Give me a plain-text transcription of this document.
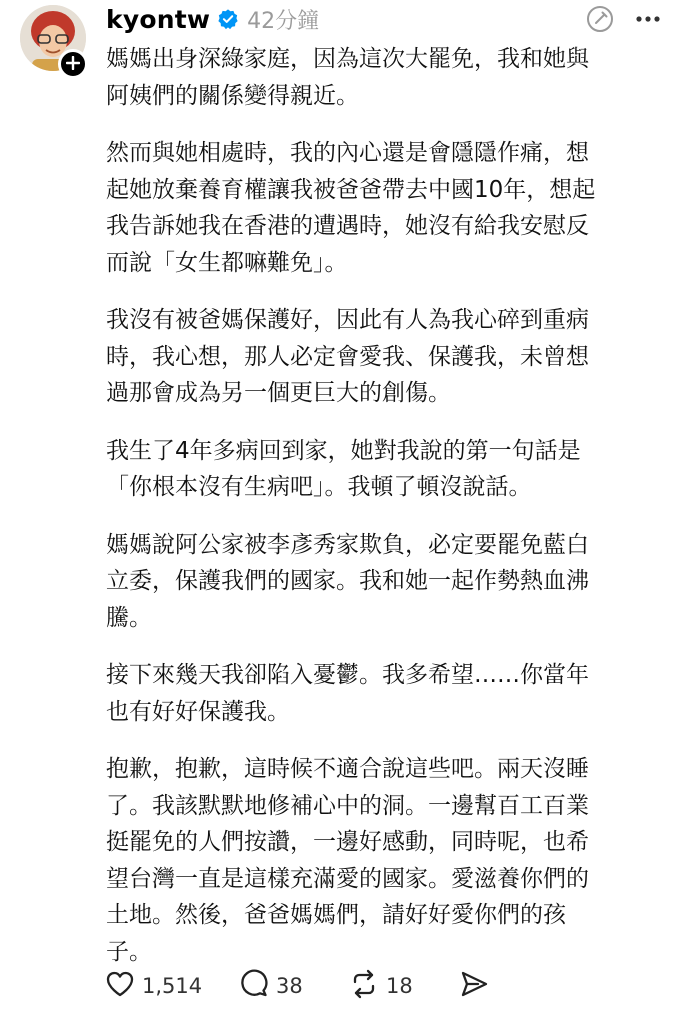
kyontw 42分鐘

媽媽出身深綠家庭，因為這次大罷免，我和她與
阿姨們的關係變得親近。

然而與她相處時，我的內心還是會隱隱作痛，想
起她放棄養育權讓我被爸爸帶去中國10年，想起
我告訴她我在香港的遭遇時，她沒有給我安慰反
而說「女生都嘛難免」。

我沒有被爸媽保護好，因此有人為我心碎到重病
時，我心想，那人必定會愛我、保護我，未曾想
過那會成為另一個更巨大的創傷。

我生了4年多病回到家，她對我說的第一句話是
「你根本沒有生病吧」。我頓了頓沒說話。

媽媽說阿公家被李彥秀家欺負，必定要罷免藍白
立委，保護我們的國家。我和她一起作勢熱血沸
騰。

接下來幾天我卻陷入憂鬱。我多希望……你當年
也有好好保護我。

抱歉，抱歉，這時候不適合說這些吧。兩天沒睡
了。我該默默地修補心中的洞。一邊幫百工百業
挺罷免的人們按讚，一邊好感動，同時呢，也希
望台灣一直是這樣充滿愛的國家。愛滋養你們的
土地。然後，爸爸媽媽們，請好好愛你們的孩
子。

1,514	38	18
